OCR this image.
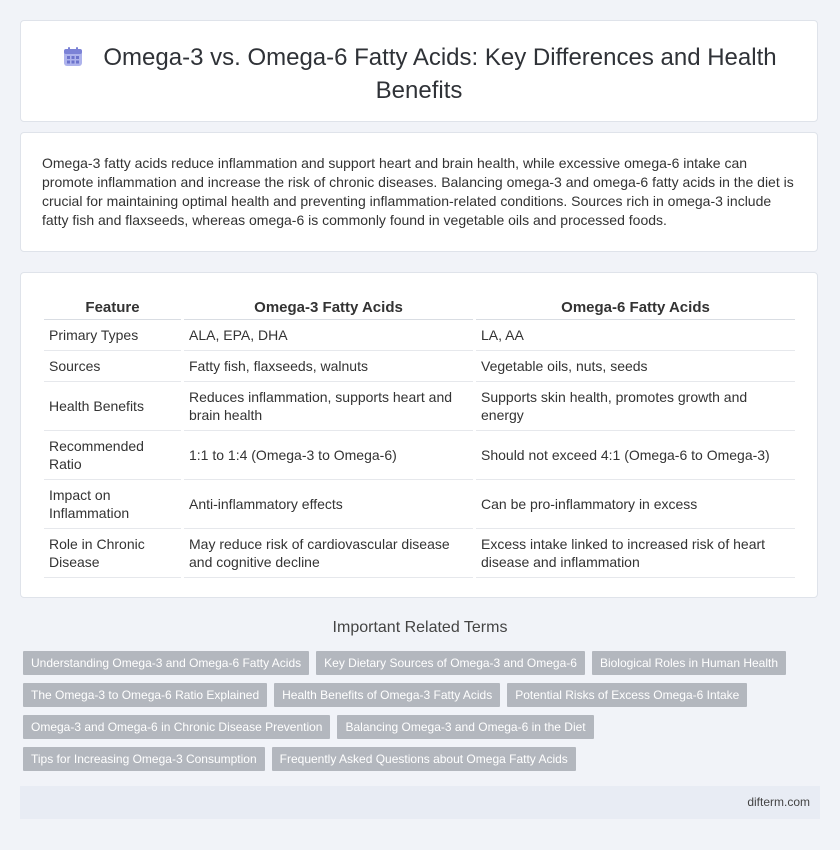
Omega-3 vs. Omega-6 Fatty Acids: Key Differences and Health
Benefits
Omega-3 fatty acids reduce inflammation and support heart and brain health, while excessive omega-6 intake can promote inflammation and increase the risk of chronic diseases. Balancing omega-3 and omega-6 fatty acids in the diet is crucial for maintaining optimal health and preventing inflammation-related conditions. Sources rich in omega-3 include fatty fish and flaxseeds, whereas omega-6 is commonly found in vegetable oils and processed foods.
Feature	Omega-3 Fatty Acids	Omega-6 Fatty Acids
Primary Types	ALA, EPA, DHA	LA, AA
Sources	Fatty fish, flaxseeds, walnuts	Vegetable oils, nuts, seeds
Health Benefits	Reduces inflammation, supports heart and brain health	Supports skin health, promotes growth and energy
Recommended Ratio	1:1 to 1:4 (Omega-3 to Omega-6)	Should not exceed 4:1 (Omega-6 to Omega-3)
Impact on Inflammation	Anti-inflammatory effects	Can be pro-inflammatory in excess
Role in Chronic Disease	May reduce risk of cardiovascular disease and cognitive decline	Excess intake linked to increased risk of heart disease and inflammation
Important Related Terms
Understanding Omega-3 and Omega-6 Fatty Acids Key Dietary Sources of Omega-3 and Omega-6 Biological Roles in Human Health
The Omega-3 to Omega-6 Ratio Explained Health Benefits of Omega-3 Fatty Acids Potential Risks of Excess Omega-6 Intake
Omega-3 and Omega-6 in Chronic Disease Prevention Balancing Omega-3 and Omega-6 in the Diet
Tips for Increasing Omega-3 Consumption Frequently Asked Questions about Omega Fatty Acids
difterm.com
